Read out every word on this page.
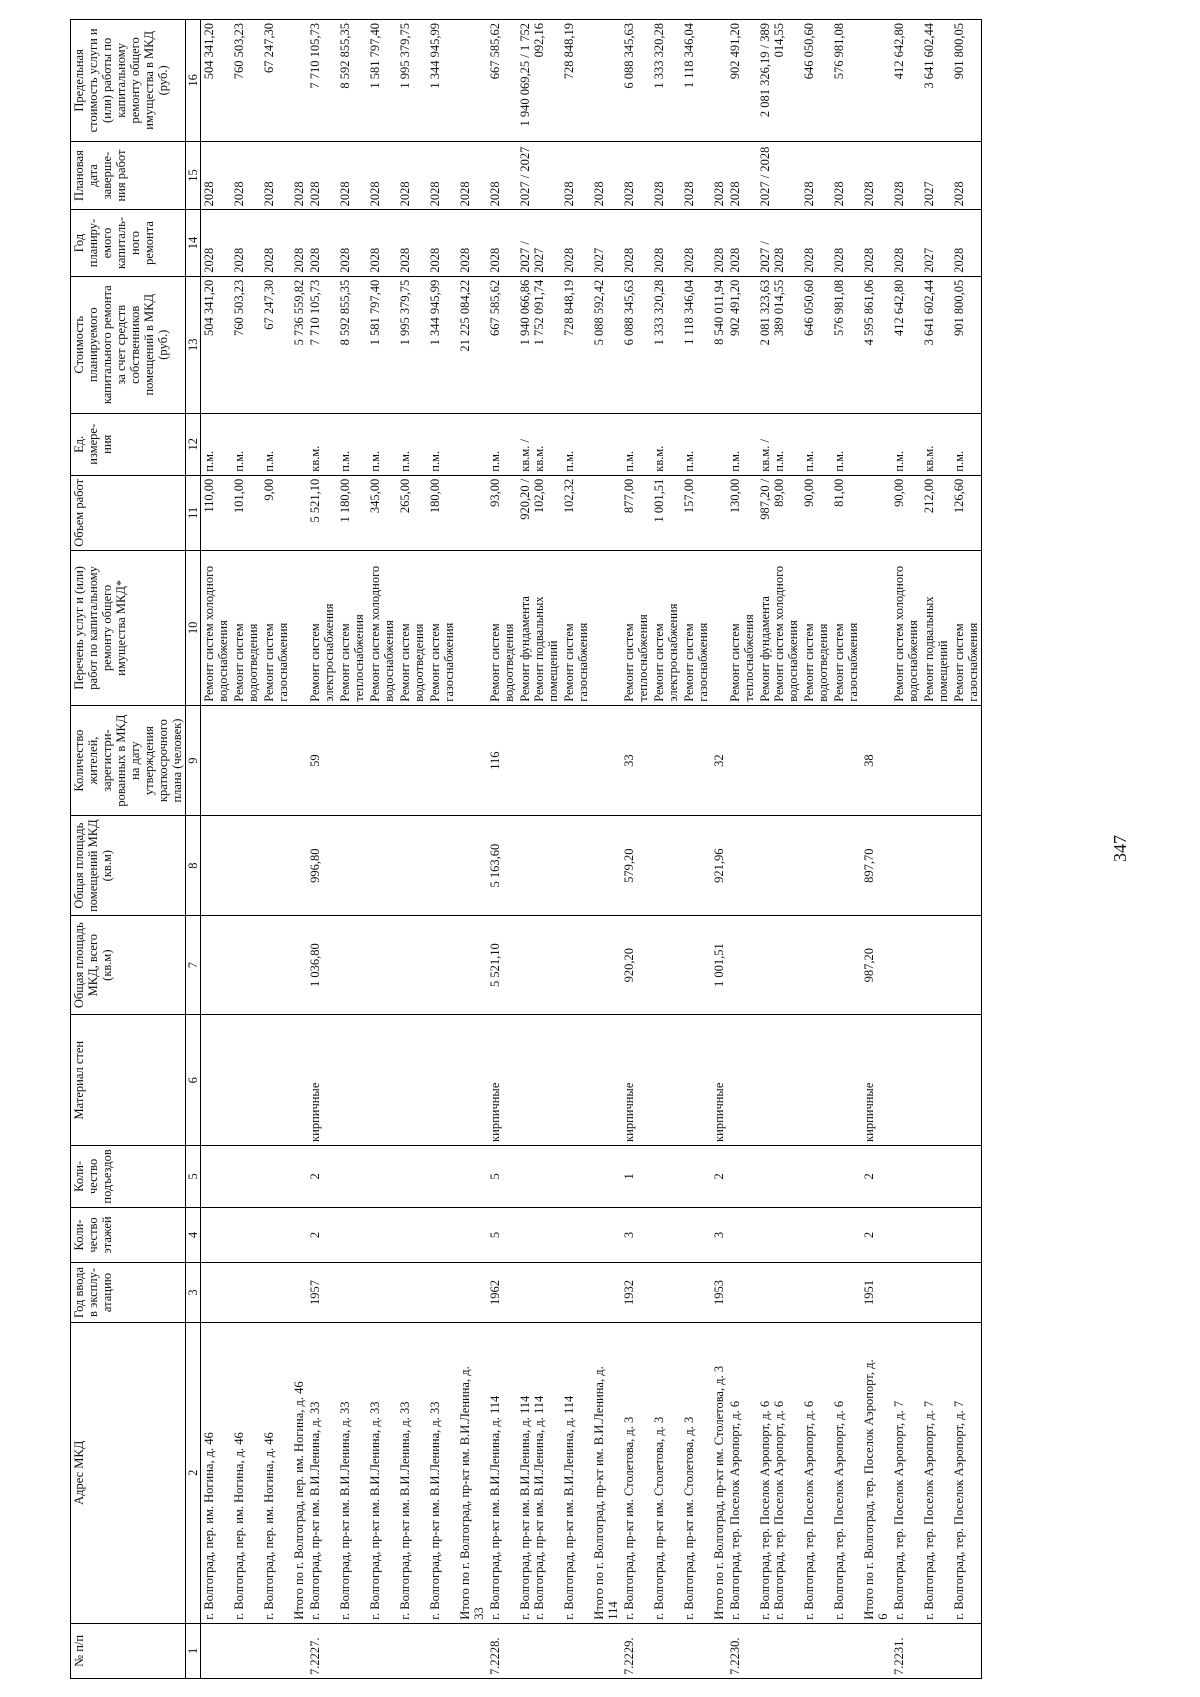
347
№ п/п	Адрес МКД	Год ввода в эксплу- атацию	Коли- чество этажей	Коли- чество подъездов	Материал стен	Общая площадь МКД, всего (кв.м)	Общая площадь помещений МКД (кв.м)	Количество жителей, зарегистри- рованных в МКД на дату утверждения краткосрочного плана (человек)	Перечень услуг и (или) работ по капитальному ремонту общего имущества МКД*	Объем работ	Ед. измере- ния	Стоимость планируемого капитального ремонта за счет средств собственников помещений в МКД (руб.)	Год планиру- емого капиталь- ного ремонта	Плановая дата заверше- ния работ	Предельная стоимость услуги и (или) работы по капитальному ремонту общего имущества в МКД (руб.)
1	2	3	4	5	6	7	8	9	10	11	12	13	14	15	16

	г. Волгоград, пер. им. Ногина, д. 46								Ремонт систем холодного водоснабжения	110,00	п.м.	504 341,20	2028	2028	504 341,20

	г. Волгоград, пер. им. Ногина, д. 46								Ремонт систем водоотведения	101,00	п.м.	760 503,23	2028	2028	760 503,23

	г. Волгоград, пер. им. Ногина, д. 46								Ремонт систем газоснабжения	9,00	п.м.	67 247,30	2028	2028	67 247,30

	Итого по г. Волгоград, пер. им. Ногина, д. 46											5 736 559,82	2028	2028	
7.2227.	г. Волгоград, пр-кт им. В.И.Ленина, д. 33	1957	2	2	кирпичные	1 036,80	996,80	59	Ремонт систем электроснабжения	5 521,10	кв.м.	7 710 105,73	2028	2028	7 710 105,73

	г. Волгоград, пр-кт им. В.И.Ленина, д. 33								Ремонт систем теплоснабжения	1 180,00	п.м.	8 592 855,35	2028	2028	8 592 855,35

	г. Волгоград, пр-кт им. В.И.Ленина, д. 33								Ремонт систем холодного водоснабжения	345,00	п.м.	1 581 797,40	2028	2028	1 581 797,40

	г. Волгоград, пр-кт им. В.И.Ленина, д. 33								Ремонт систем водоотведения	265,00	п.м.	1 995 379,75	2028	2028	1 995 379,75

	г. Волгоград, пр-кт им. В.И.Ленина, д. 33								Ремонт систем газоснабжения	180,00	п.м.	1 344 945,99	2028	2028	1 344 945,99

	Итого по г. Волгоград, пр-кт им. В.И.Ленина, д. 33											21 225 084,22	2028	2028	
7.2228.	г. Волгоград, пр-кт им. В.И.Ленина, д. 114	1962	5	5	кирпичные	5 521,10	5 163,60	116	Ремонт систем водоотведения	93,00	п.м.	667 585,62	2028	2028	667 585,62

	г. Волгоград, пр-кт им. В.И.Ленина, д. 114 г. Волгоград, пр-кт им. В.И.Ленина, д. 114								Ремонт фундамента Ремонт подвальных помещений	920,20 / 102,00	кв.м. / кв.м.	1 940 066,86 1 752 091,74	2027 / 2027	2027 / 2027	1 940 069,25 / 1 752 092,16

	г. Волгоград, пр-кт им. В.И.Ленина, д. 114								Ремонт систем газоснабжения	102,32	п.м.	728 848,19	2028	2028	728 848,19

	Итого по г. Волгоград, пр-кт им. В.И.Ленина, д. 114											5 088 592,42	2027	2028	
7.2229.	г. Волгоград, пр-кт им. Столетова, д. 3	1932	3	1	кирпичные	920,20	579,20	33	Ремонт систем теплоснабжения	877,00	п.м.	6 088 345,63	2028	2028	6 088 345,63

	г. Волгоград, пр-кт им. Столетова, д. 3								Ремонт систем электроснабжения	1 001,51	кв.м.	1 333 320,28	2028	2028	1 333 320,28

	г. Волгоград, пр-кт им. Столетова, д. 3								Ремонт систем газоснабжения	157,00	п.м.	1 118 346,04	2028	2028	1 118 346,04

	Итого по г. Волгоград, пр-кт им. Столетова, д. 3	1953	3	2	кирпичные	1 001,51	921,96	32				8 540 011,94	2028	2028	
7.2230.	г. Волгоград, тер. Поселок Аэропорт, д. 6								Ремонт систем теплоснабжения	130,00	п.м.	902 491,20	2028	2028	902 491,20

	г. Волгоград, тер. Поселок Аэропорт, д. 6 г. Волгоград, тер. Поселок Аэропорт, д. 6								Ремонт фундамента Ремонт систем холодного водоснабжения	987,20 / 89,00	кв.м. / п.м.	2 081 323,63 389 014,55	2027 / 2028	2027 / 2028	2 081 326,19 / 389 014,55

	г. Волгоград, тер. Поселок Аэропорт, д. 6								Ремонт систем водоотведения	90,00	п.м.	646 050,60	2028	2028	646 050,60

	г. Волгоград, тер. Поселок Аэропорт, д. 6								Ремонт систем газоснабжения	81,00	п.м.	576 981,08	2028	2028	576 981,08

	Итого по г. Волгоград, тер. Поселок Аэропорт, д. 6	1951	2	2	кирпичные	987,20	897,70	38				4 595 861,06	2028	2028	
7.2231.	г. Волгоград, тер. Поселок Аэропорт, д. 7								Ремонт систем холодного водоснабжения	90,00	п.м.	412 642,80	2028	2028	412 642,80

	г. Волгоград, тер. Поселок Аэропорт, д. 7								Ремонт подвальных помещений	212,00	кв.м.	3 641 602,44	2027	2027	3 641 602,44

	г. Волгоград, тер. Поселок Аэропорт, д. 7								Ремонт систем газоснабжения	126,60	п.м.	901 800,05	2028	2028	901 800,05
